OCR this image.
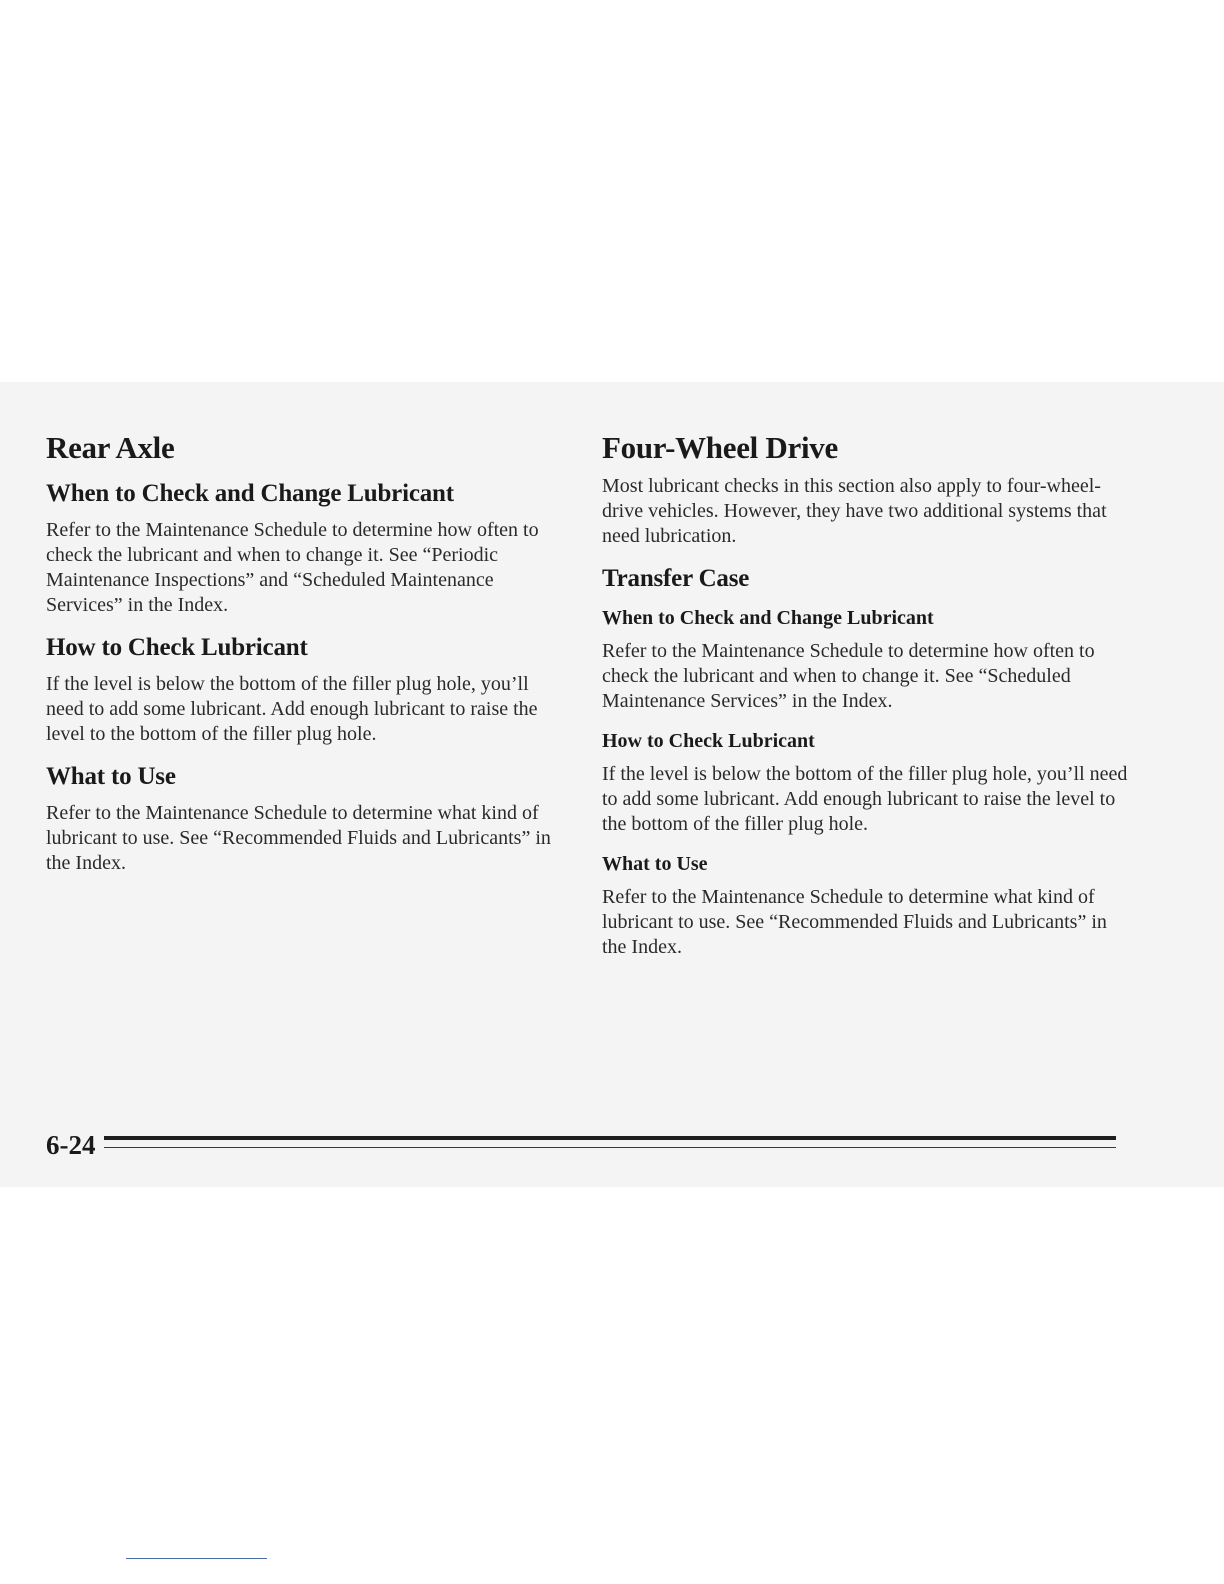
Rear Axle
When to Check and Change Lubricant

Refer to the Maintenance Schedule to determine how often to check the lubricant and when to change it. See “Periodic Maintenance Inspections” and “Scheduled Maintenance Services” in the Index.

How to Check Lubricant

If the level is below the bottom of the filler plug hole, you’ll need to add some lubricant. Add enough lubricant to raise the level to the bottom of the filler plug hole.

What to Use

Refer to the Maintenance Schedule to determine what kind of lubricant to use. See “Recommended Fluids and Lubricants” in the Index.

Four-Wheel Drive

Most lubricant checks in this section also apply to four-wheel-drive vehicles. However, they have two additional systems that need lubrication.

Transfer Case
When to Check and Change Lubricant

Refer to the Maintenance Schedule to determine how often to check the lubricant and when to change it. See “Scheduled Maintenance Services” in the Index.

How to Check Lubricant

If the level is below the bottom of the filler plug hole, you’ll need to add some lubricant. Add enough lubricant to raise the level to the bottom of the filler plug hole.

What to Use

Refer to the Maintenance Schedule to determine what kind of lubricant to use. See “Recommended Fluids and Lubricants” in the Index.

6-24
